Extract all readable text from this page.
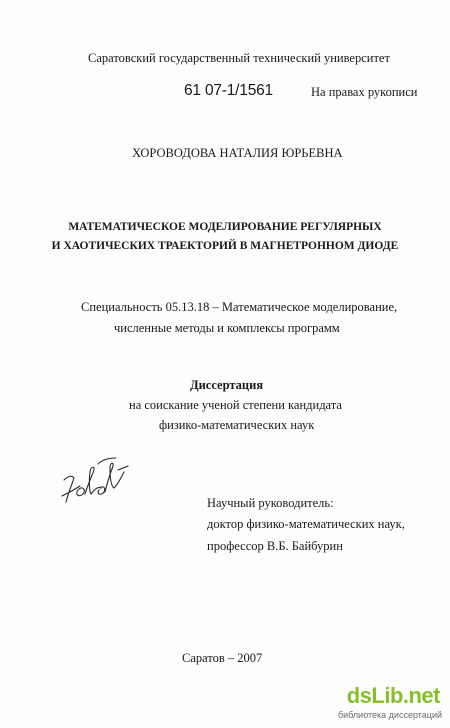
Саратовский государственный технический университет
61 07-1/1561	На правах рукописи
ХОРОВОДОВА НАТАЛИЯ ЮРЬЕВНА
МАТЕМАТИЧЕСКОЕ МОДЕЛИРОВАНИЕ РЕГУЛЯРНЫХ
И ХАОТИЧЕСКИХ ТРАЕКТОРИЙ В МАГНЕТРОННОМ ДИОДЕ
Специальность 05.13.18 – Математическое моделирование,
численные методы и комплексы программ
Диссертация
на соискание ученой степени кандидата
физико-математических наук
Научный руководитель:
доктор физико-математических наук,
профессор В.Б. Байбурин
Саратов – 2007
dsLib.net
библиотека диссертаций
